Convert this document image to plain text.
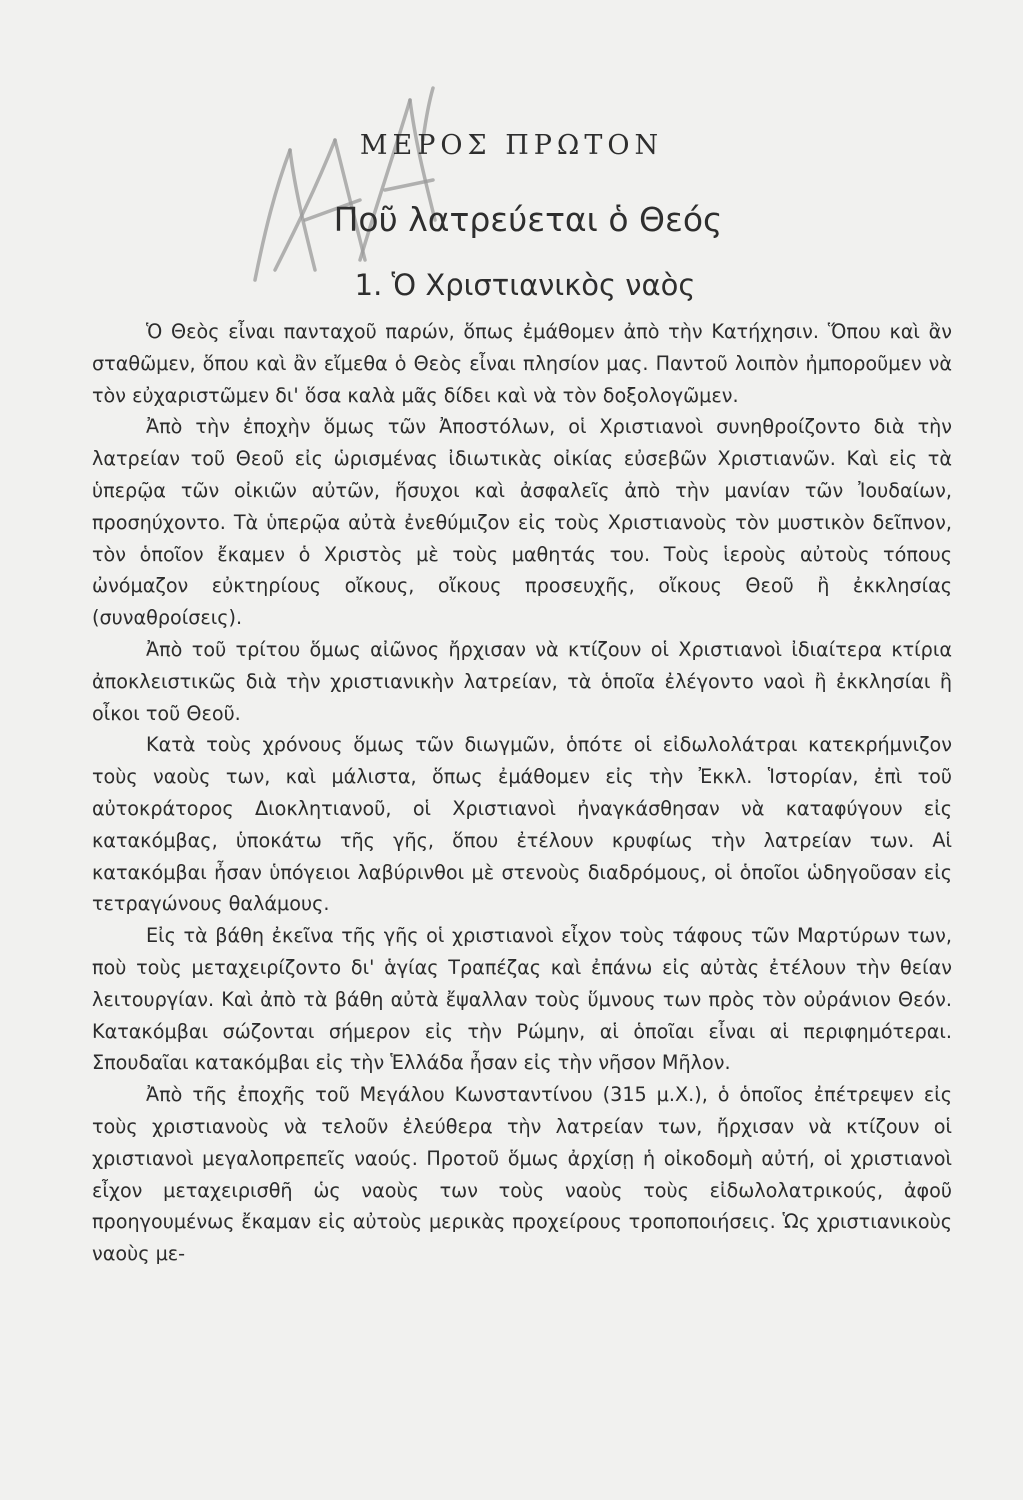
ΜΕΡΟΣ ΠΡΩΤΟΝ
Ποῦ λατρεύεται ὁ Θεός
1. Ὁ Χριστιανικὸς ναὸς

Ὁ Θεὸς εἶναι πανταχοῦ παρών, ὅπως ἐμάθομεν ἀπὸ τὴν Κατήχησιν. Ὅπου καὶ ἂν σταθῶμεν, ὅπου καὶ ἂν εἴμεθα ὁ Θεὸς εἶναι πλησίον μας. Παντοῦ λοιπὸν ἠμποροῦμεν νὰ τὸν εὐχαριστῶμεν δι' ὅσα καλὰ μᾶς δίδει καὶ νὰ τὸν δοξολογῶμεν.

Ἀπὸ τὴν ἐποχὴν ὅμως τῶν Ἀποστόλων, οἱ Χριστιανοὶ συνηθροίζοντο διὰ τὴν λατρείαν τοῦ Θεοῦ εἰς ὡρισμένας ἰδιωτικὰς οἰκίας εὐσεβῶν Χριστιανῶν. Καὶ εἰς τὰ ὑπερῷα τῶν οἰκιῶν αὐτῶν, ἥσυχοι καὶ ἀσφαλεῖς ἀπὸ τὴν μανίαν τῶν Ἰουδαίων, προσηύχοντο. Τὰ ὑπερῷα αὐτὰ ἐνεθύμιζον εἰς τοὺς Χριστιανοὺς τὸν μυστικὸν δεῖπνον, τὸν ὁποῖον ἔκαμεν ὁ Χριστὸς μὲ τοὺς μαθητάς του. Τοὺς ἱεροὺς αὐτοὺς τόπους ὠνόμαζον εὐκτηρίους οἴκους, οἴκους προσευχῆς, οἴκους Θεοῦ ἢ ἐκκλησίας (συναθροίσεις).

Ἀπὸ τοῦ τρίτου ὅμως αἰῶνος ἤρχισαν νὰ κτίζουν οἱ Χριστιανοὶ ἰδιαίτερα κτίρια ἀποκλειστικῶς διὰ τὴν χριστιανικὴν λατρείαν, τὰ ὁποῖα ἐλέγοντο ναοὶ ἢ ἐκκλησίαι ἢ οἶκοι τοῦ Θεοῦ.

Κατὰ τοὺς χρόνους ὅμως τῶν διωγμῶν, ὁπότε οἱ εἰδωλολάτραι κατεκρήμνιζον τοὺς ναοὺς των, καὶ μάλιστα, ὅπως ἐμάθομεν εἰς τὴν Ἐκκλ. Ἱστορίαν, ἐπὶ τοῦ αὐτοκράτορος Διοκλητιανοῦ, οἱ Χριστιανοὶ ἠναγκάσθησαν νὰ καταφύγουν εἰς κατακόμβας, ὑποκάτω τῆς γῆς, ὅπου ἐτέλουν κρυφίως τὴν λατρείαν των. Αἱ κατακόμβαι ἦσαν ὑπόγειοι λαβύρινθοι μὲ στενοὺς διαδρόμους, οἱ ὁποῖοι ὡδηγοῦσαν εἰς τετραγώνους θαλάμους.

Εἰς τὰ βάθη ἐκεῖνα τῆς γῆς οἱ χριστιανοὶ εἶχον τοὺς τάφους τῶν Μαρτύρων των, ποὺ τοὺς μεταχειρίζοντο δι' ἁγίας Τραπέζας καὶ ἐπάνω εἰς αὐτὰς ἐτέλουν τὴν θείαν λειτουργίαν. Καὶ ἀπὸ τὰ βάθη αὐτὰ ἔψαλλαν τοὺς ὕμνους των πρὸς τὸν οὐράνιον Θεόν. Κατακόμβαι σώζονται σήμερον εἰς τὴν Ρώμην, αἱ ὁποῖαι εἶναι αἱ περιφημότεραι. Σπουδαῖαι κατακόμβαι εἰς τὴν Ἑλλάδα ἦσαν εἰς τὴν νῆσον Μῆλον.

Ἀπὸ τῆς ἐποχῆς τοῦ Μεγάλου Κωνσταντίνου (315 μ.Χ.), ὁ ὁποῖος ἐπέτρεψεν εἰς τοὺς χριστιανοὺς νὰ τελοῦν ἐλεύθερα τὴν λατρείαν των, ἤρχισαν νὰ κτίζουν οἱ χριστιανοὶ μεγαλοπρεπεῖς ναούς. Προτοῦ ὅμως ἀρχίσῃ ἡ οἰκοδομὴ αὐτή, οἱ χριστιανοὶ εἶχον μεταχειρισθῆ ὡς ναοὺς των τοὺς ναοὺς τοὺς εἰδωλολατρικούς, ἀφοῦ προηγουμένως ἔκαμαν εἰς αὐτοὺς μερικὰς προχείρους τροποποιήσεις. Ὡς χριστιανικοὺς ναοὺς με-
